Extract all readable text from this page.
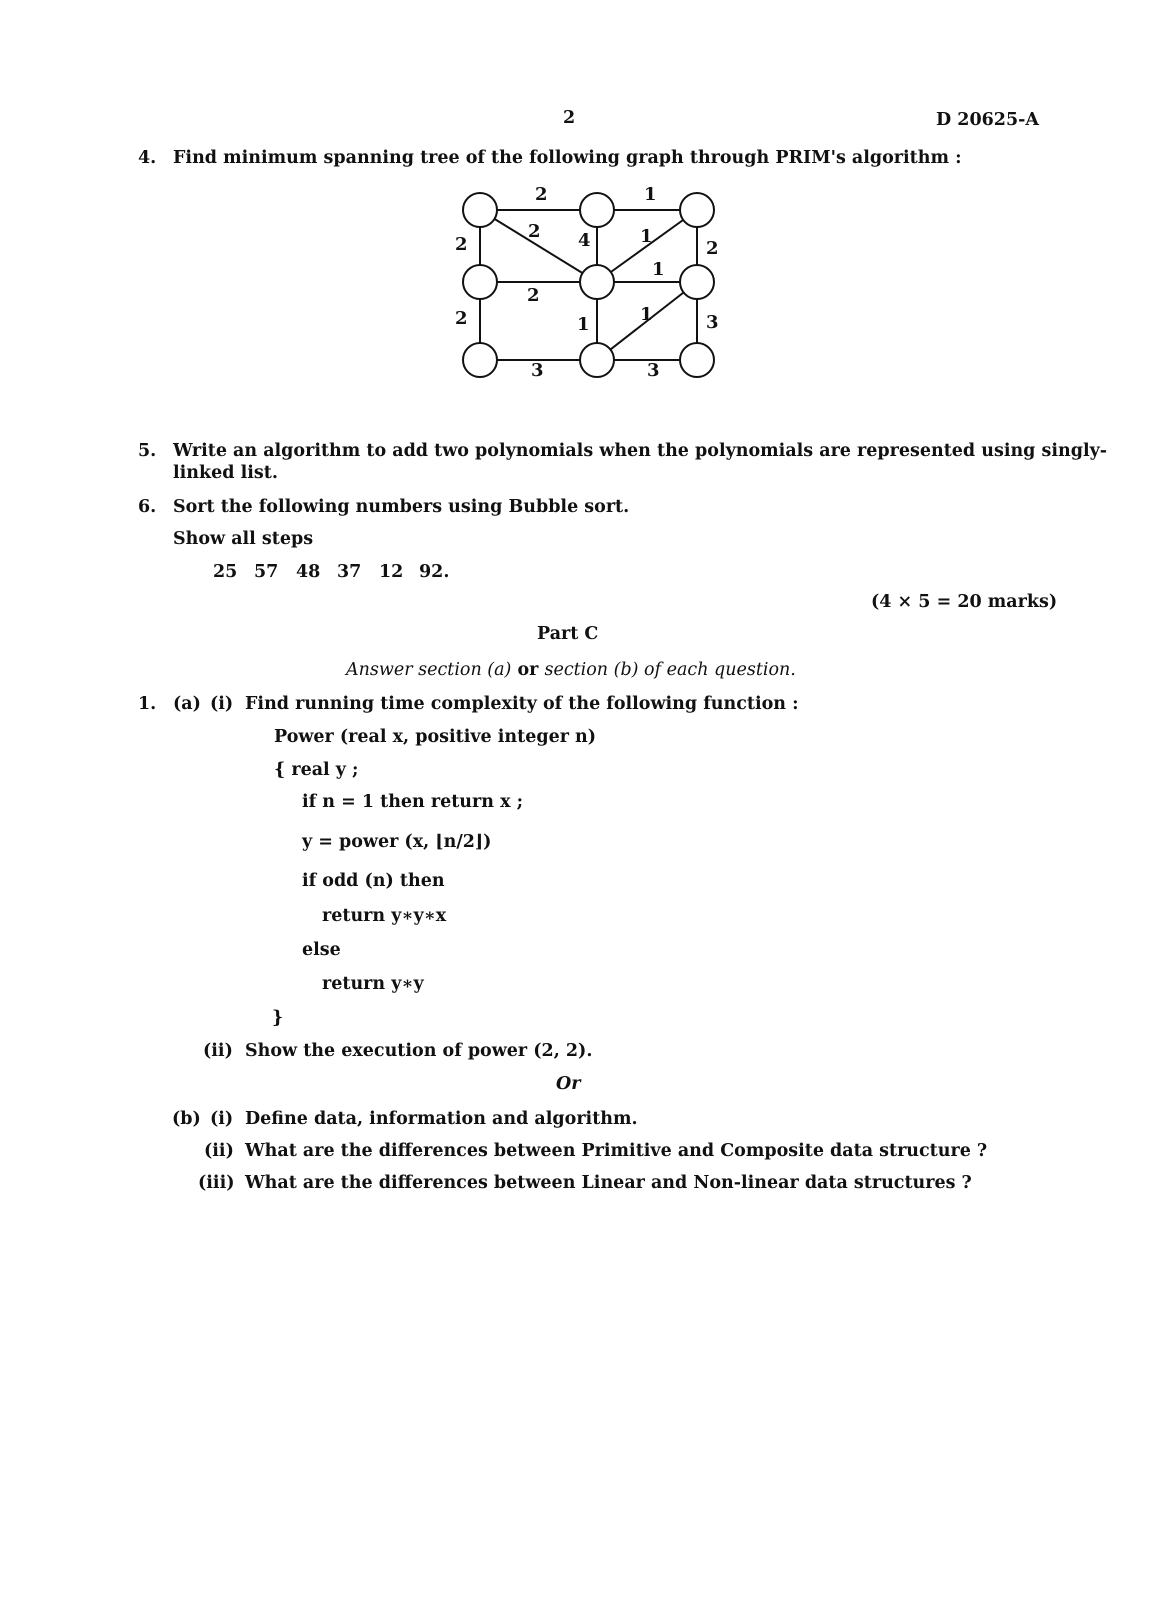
2	D 20625-A
4. Find minimum spanning tree of the following graph through PRIM's algorithm :
2	1
2
2 4	1
2
2
1
2	1	1	3
3	3
5. Write an algorithm to add two polynomials when the polynomials are represented using singly-
linked list.
6. Sort the following numbers using Bubble sort.
Show all steps
25 57 48 37 12 92.
(4 × 5 = 20 marks)
Part C
Answer section (a) or section (b) of each question.
1. (a) (i) Find running time complexity of the following function :
Power (real x, positive integer n)
{ real y ;
if n = 1 then return x ;
y = power (x, ⌊n/2⌋)
if odd (n) then
return y∗y∗x
else
return y∗y
}
(ii) Show the execution of power (2, 2).
Or
(b) (i) Define data, information and algorithm.
(ii) What are the differences between Primitive and Composite data structure ?
(iii) What are the differences between Linear and Non-linear data structures ?
